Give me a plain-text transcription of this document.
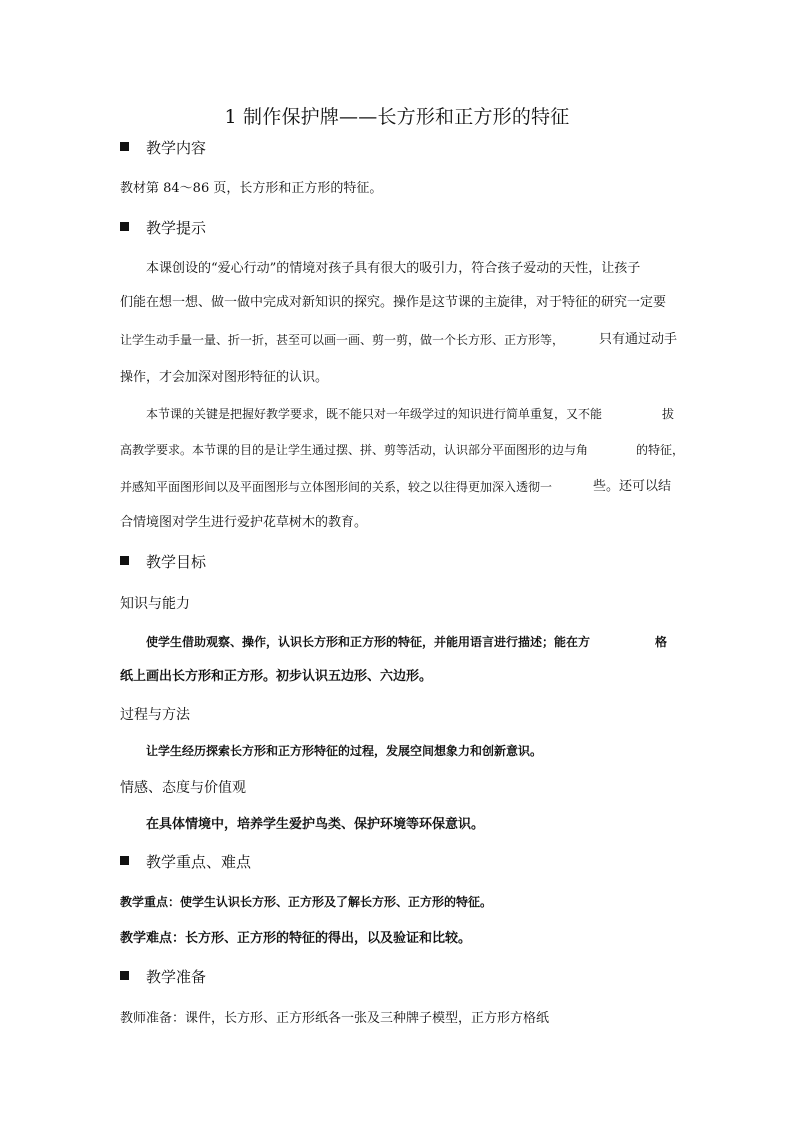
1 制作保护牌——长方形和正方形的特征
教学内容
教材第 84～86 页，长方形和正方形的特征。
教学提示
本课创设的“爱心行动”的情境对孩子具有很大的吸引力，符合孩子爱动的天性，让孩子
们能在想一想、做一做中完成对新知识的探究。操作是这节课的主旋律，对于特征的研究一定要
让学生动手量一量、折一折，甚至可以画一画、剪一剪，做一个长方形、正方形等，	只有通过动手
操作，才会加深对图形特征的认识。
本节课的关键是把握好教学要求，既不能只对一年级学过的知识进行简单重复，又不能	拔
高教学要求。本节课的目的是让学生通过摆、拼、剪等活动，认识部分平面图形的边与角	的特征，
并感知平面图形间以及平面图形与立体图形间的关系，较之以往得更加深入透彻一	些。还可以结
合情境图对学生进行爱护花草树木的教育。
教学目标
知识与能力
使学生借助观察、操作，认识长方形和正方形的特征，并能用语言进行描述；能在方	格
纸上画出长方形和正方形。初步认识五边形、六边形。
过程与方法
让学生经历探索长方形和正方形特征的过程，发展空间想象力和创新意识。
情感、态度与价值观
在具体情境中，培养学生爱护鸟类、保护环境等环保意识。
教学重点、难点
教学重点：使学生认识长方形、正方形及了解长方形、正方形的特征。
教学难点：长方形、正方形的特征的得出，以及验证和比较。
教学准备
教师准备：课件，长方形、正方形纸各一张及三种牌子模型，正方形方格纸
